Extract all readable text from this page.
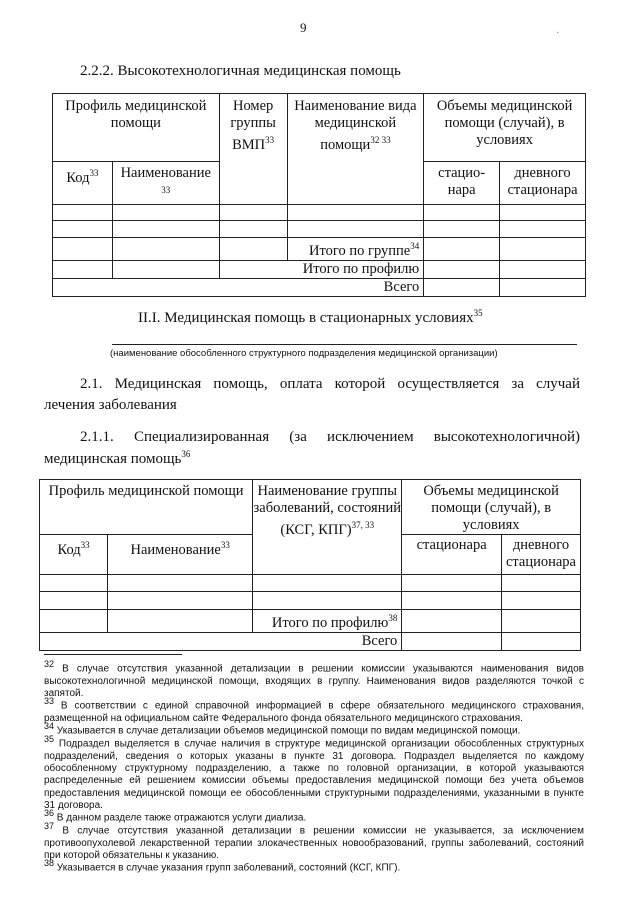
9	·
2.2.2. Высокотехнологичная медицинская помощь
Профиль медицинской помощи		Номер группы ВМП$^{33}$	Наименование вида медицинской помощи$^{32 33}$	Объемы медицинской помощи (случай), в условиях	
Код$^{33}$	Наименование
$^{33}$			стацио- нара	дневного стационара

			Итого по группе$^{34}$		
		Итого по профилю			
Всего					
II.I. Медицинская помощь в стационарных условиях$^{35}$
(наименование обособленного структурного подразделения медицинской организации)
2.1. Медицинская помощь, оплата которой осуществляется за случай
лечения заболевания
2.1.1. Специализированная (за исключением высокотехнологичной)
медицинская помощь$^{36}$
Профиль медицинской помощи		Наименование группы заболеваний, состояний (КСГ, КПГ)$^{37, 33}$	Объемы медицинской помощи (случай), в условиях	
Код$^{33}$	Наименование$^{33}$		стационара	дневного стационара

		Итого по профилю$^{38}$		
Всего				
$^{32}$ В случае отсутствия указанной детализации в решении комиссии указываются наименования видов высокотехнологичной медицинской помощи, входящих в группу. Наименования видов разделяются точкой с запятой.
$^{33}$ В соответствии с единой справочной информацией в сфере обязательного медицинского страхования, размещенной на официальном сайте Федерального фонда обязательного медицинского страхования.
$^{34}$ Указывается в случае детализации объемов медицинской помощи по видам медицинской помощи.
$^{35}$ Подраздел выделяется в случае наличия в структуре медицинской организации обособленных структурных подразделений, сведения о которых указаны в пункте 31 договора. Подраздел выделяется по каждому обособленному структурному подразделению, а также по головной организации, в которой указываются распределенные ей решением комиссии объемы предоставления медицинской помощи без учета объемов предоставления медицинской помощи ее обособленными структурными подразделениями, указанными в пункте 31 договора.
$^{36}$ В данном разделе также отражаются услуги диализа.
$^{37}$ В случае отсутствия указанной детализации в решении комиссии не указывается, за исключением противоопухолевой лекарственной терапии злокачественных новообразований, группы заболеваний, состояний при которой обязательны к указанию.
$^{38}$ Указывается в случае указания групп заболеваний, состояний (КСГ, КПГ).
